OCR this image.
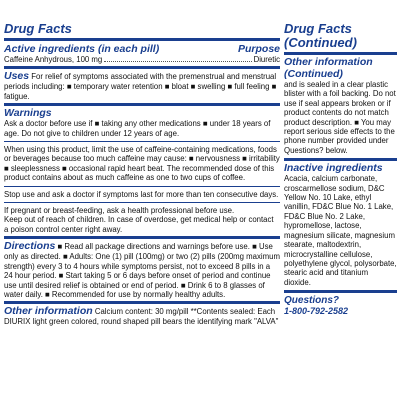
Drug Facts
Active ingredients (in each pill)	Purpose
Caffeine Anhydrous, 100 mg	Diuretic
Uses For relief of symptoms associated with the premenstrual and menstrual periods including: ■ temporary water retention ■ bloat ■ swelling ■ full feeling ■ fatigue.
Warnings
Ask a doctor before use if ■ taking any other medications ■ under 18 years of age. Do not give to children under 12 years of age.
When using this product, limit the use of caffeine-containing medications, foods or beverages because too much caffeine may cause: ■ nervousness ■ irritability ■ sleeplessness ■ occasional rapid heart beat. The recommended dose of this product contains about as much caffeine as one to two cups of coffee.
Stop use and ask a doctor if symptoms last for more than ten consecutive days.
If pregnant or breast-feeding, ask a health professional before use.
Keep out of reach of children. In case of overdose, get medical help or contact a poison control center right away.
Directions ■ Read all package directions and warnings before use. ■ Use only as directed. ■ Adults: One (1) pill (100mg) or two (2) pills (200mg maximum strength) every 3 to 4 hours while symptoms persist, not to exceed 8 pills in a 24 hour period. ■ Start taking 5 or 6 days before onset of period and continue use until desired relief is obtained or end of period. ■ Drink 6 to 8 glasses of water daily. ■ Recommended for use by normally healthy adults.
Other information Calcium content: 30 mg/pill **Contents sealed: Each DIURIX light green colored, round shaped pill bears the identifying mark "ALVA"
Drug Facts (Continued)
Other information (Continued)
and is sealed in a clear plastic blister with a foil backing. Do not use if seal appears broken or if product contents do not match product description. ■ You may report serious side effects to the phone number provided under Questions? below.
Inactive ingredients
Acacia, calcium carbonate, croscarmellose sodium, D&C Yellow No. 10 Lake, ethyl vanillin, FD&C Blue No. 1 Lake, FD&C Blue No. 2 Lake, hypromellose, lactose, magnesium silicate, magnesium stearate, maltodextrin, microcrystalline cellulose, polyethylene glycol, polysorbate, stearic acid and titanium dioxide.
Questions?
1-800-792-2582
